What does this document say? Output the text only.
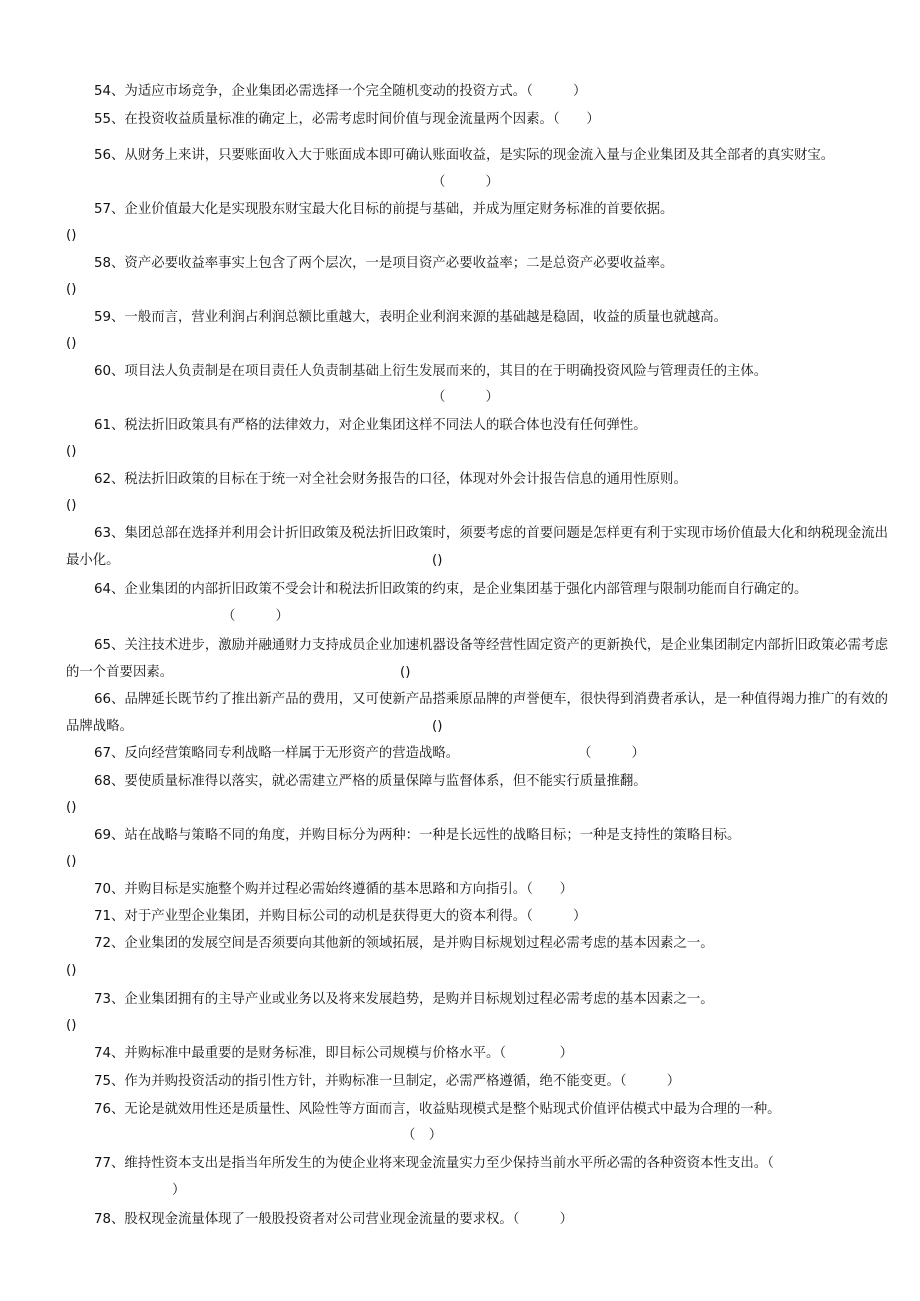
54、为适应市场竞争，企业集团必需选择一个完全随机变动的投资方式。（　　　）

55、在投资收益质量标准的确定上，必需考虑时间价值与现金流量两个因素。（　　）

56、从财务上来讲，只要账面收入大于账面成本即可确认账面收益，是实际的现金流入量与企业集团及其全部者的真实财宝。

（　　　）

57、企业价值最大化是实现股东财宝最大化目标的前提与基础，并成为厘定财务标准的首要依据。

()

58、资产必要收益率事实上包含了两个层次，一是项目资产必要收益率；二是总资产必要收益率。

()

59、一般而言，营业利润占利润总额比重越大，表明企业利润来源的基础越是稳固，收益的质量也就越高。

()

60、项目法人负责制是在项目责任人负责制基础上衍生发展而来的，其目的在于明确投资风险与管理责任的主体。

（　　　）

61、税法折旧政策具有严格的法律效力，对企业集团这样不同法人的联合体也没有任何弹性。

()

62、税法折旧政策的目标在于统一对全社会财务报告的口径，体现对外会计报告信息的通用性原则。

()

63、集团总部在选择并利用会计折旧政策及税法折旧政策时，须要考虑的首要问题是怎样更有利于实现市场价值最大化和纳税现金流出最小化。	()

64、企业集团的内部折旧政策不受会计和税法折旧政策的约束，是企业集团基于强化内部管理与限制功能而自行确定的。

（　　　）

65、关注技术进步，激励并融通财力支持成员企业加速机器设备等经营性固定资产的更新换代，是企业集团制定内部折旧政策必需考虑的一个首要因素。	()

66、品牌延长既节约了推出新产品的费用，又可使新产品搭乘原品牌的声誉便车，很快得到消费者承认，是一种值得竭力推广的有效的品牌战略。	()

67、反向经营策略同专利战略一样属于无形资产的营造战略。	（　　　）

68、要使质量标准得以落实，就必需建立严格的质量保障与监督体系，但不能实行质量推翻。

()

69、站在战略与策略不同的角度，并购目标分为两种：一种是长远性的战略目标；一种是支持性的策略目标。

()

70、并购目标是实施整个购并过程必需始终遵循的基本思路和方向指引。（　　）

71、对于产业型企业集团，并购目标公司的动机是获得更大的资本利得。（　　　）

72、企业集团的发展空间是否须要向其他新的领域拓展，是并购目标规划过程必需考虑的基本因素之一。

()

73、企业集团拥有的主导产业或业务以及将来发展趋势，是购并目标规划过程必需考虑的基本因素之一。

()

74、并购标准中最重要的是财务标准，即目标公司规模与价格水平。（　　　　）

75、作为并购投资活动的指引性方针，并购标准一旦制定，必需严格遵循，绝不能变更。（　　　）

76、无论是就效用性还是质量性、风险性等方面而言，收益贴现模式是整个贴现式价值评估模式中最为合理的一种。

（　）

77、维持性资本支出是指当年所发生的为使企业将来现金流量实力至少保持当前水平所必需的各种资资本性支出。（

）

78、股权现金流量体现了一般股投资者对公司营业现金流量的要求权。（　　　）
